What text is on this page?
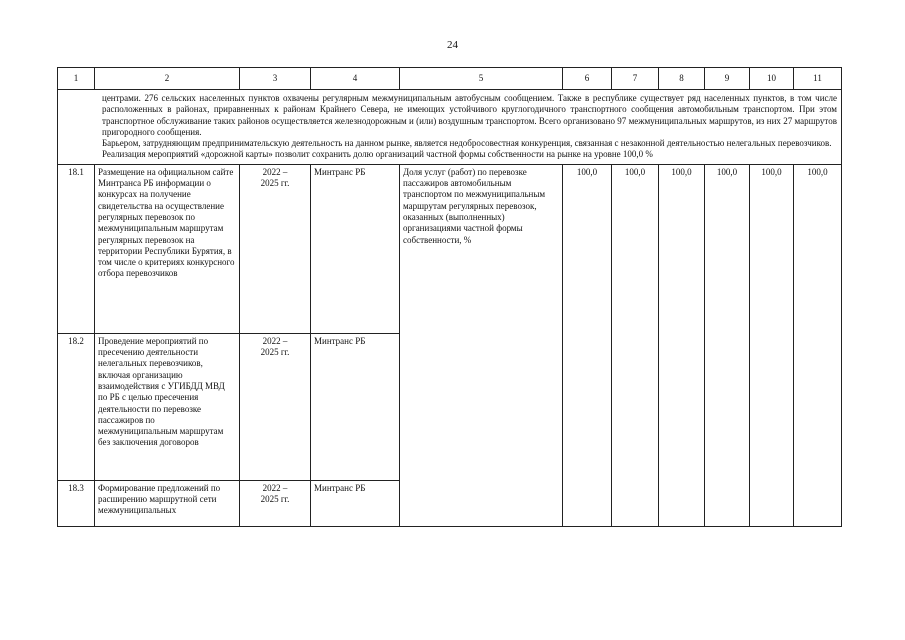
24
1	2	3	4	5	6	7	8	9	10	11

центрами. 276 сельских населенных пунктов охвачены регулярным межмуниципальным автобусным сообщением. Также в республике существует ряд населенных пунктов, в том числе расположенных в районах, приравненных к районам Крайнего Севера, не имеющих устойчивого круглогодичного транспортного сообщения автомобильным транспортом. При этом транспортное обслуживание таких районов осуществляется железнодорожным и (или) воздушным транспортом. Всего организовано 97 межмуниципальных маршрутов, из них 27 маршрутов пригородного сообщения.
Барьером, затрудняющим предпринимательскую деятельность на данном рынке, является недобросовестная конкуренция, связанная с незаконной деятельностью нелегальных перевозчиков.
Реализация мероприятий «дорожной карты» позволит сохранить долю организаций частной формы собственности на рынке на уровне 100,0 %										

18.1	Размещение на официальном сайте Минтранса РБ информации о конкурсах на получение свидетельства на осуществление регулярных перевозок по межмуниципальным маршрутам регулярных перевозок на территории Республики Бурятия, в том числе о критериях конкурсного отбора перевозчиков	2022 –
2025 гг.	Минтранс РБ	Доля услуг (работ) по перевозке пассажиров автомобильным транспортом по межмуниципальным маршрутам регулярных перевозок, оказанных (выполненных) организациями частной формы собственности, %	100,0	100,0	100,0	100,0	100,0	100,0

18.2	Проведение мероприятий по пресечению деятельности нелегальных перевозчиков, включая организацию взаимодействия с УГИБДД МВД по РБ с целью пресечения деятельности по перевозке пассажиров по межмуниципальным маршрутам без заключения договоров	2022 –
2025 гг.	Минтранс РБ							
18.3	Формирование предложений по расширению маршрутной сети межмуниципальных	2022 –
2025 гг.	Минтранс РБ							
